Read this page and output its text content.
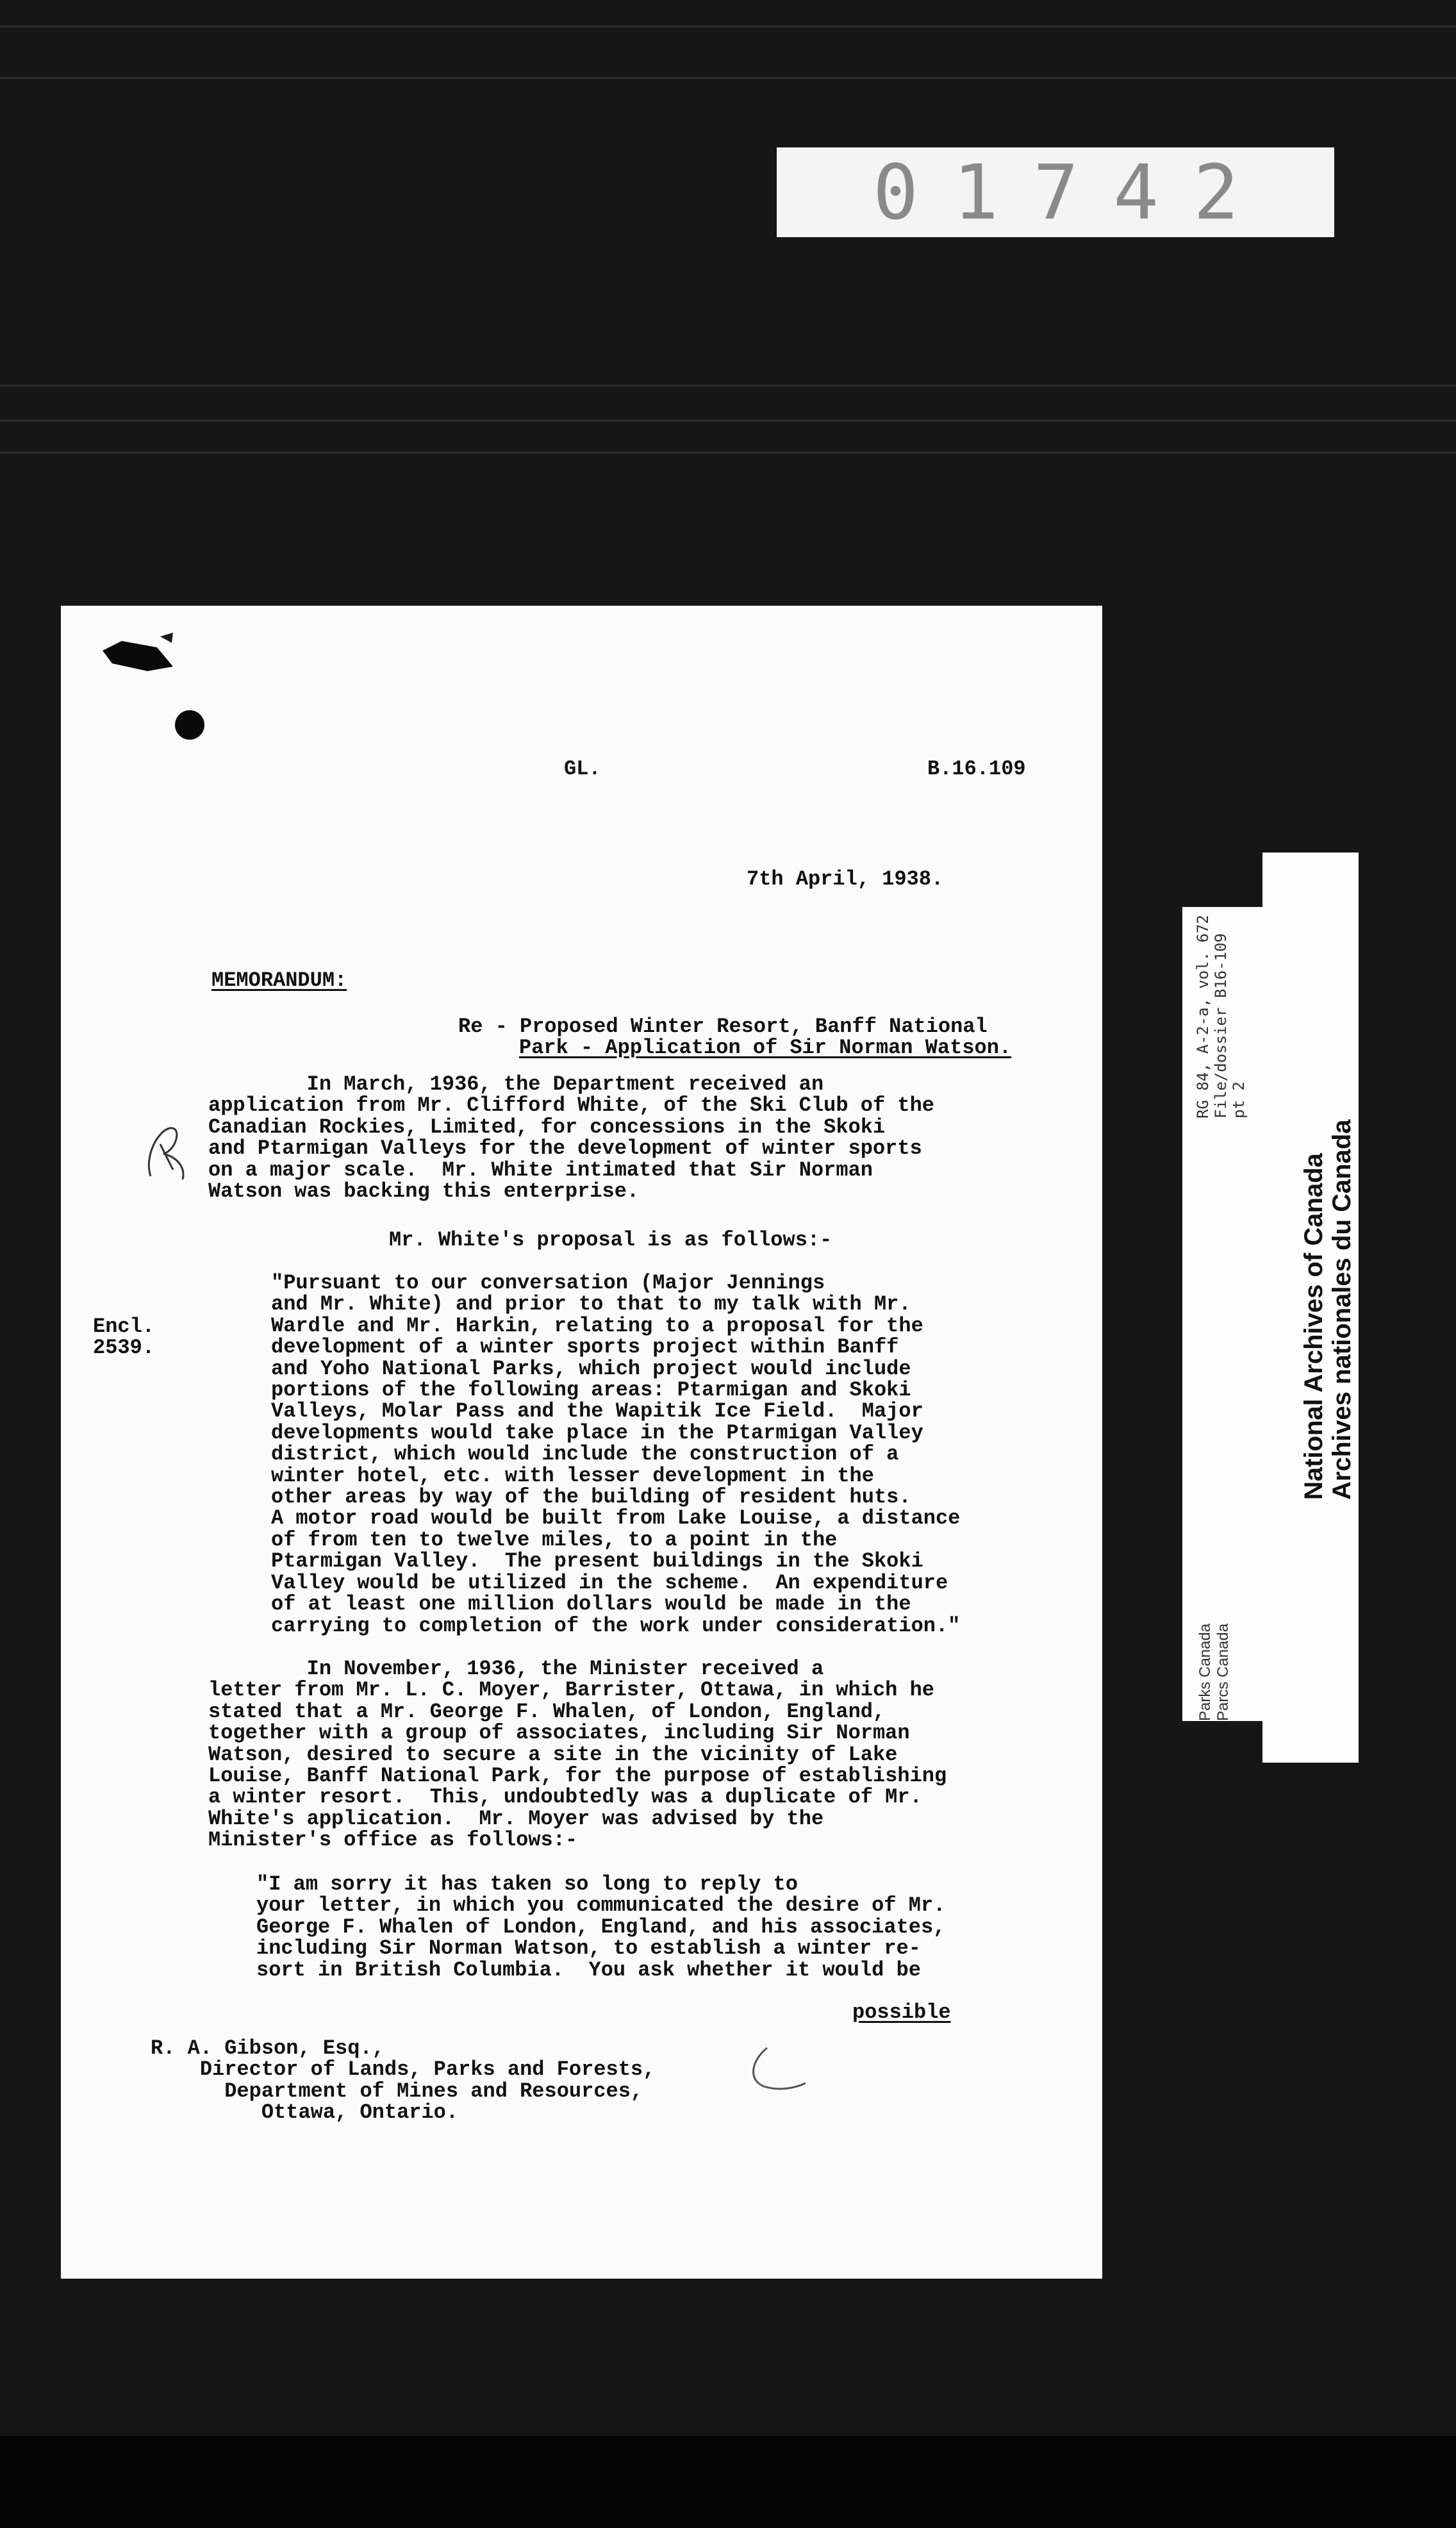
01742
GL.	B.16.109
7th April, 1938.
MEMORANDUM:
Re - Proposed Winter Resort, Banff National
Park - Application of Sir Norman Watson.
In March, 1936, the Department received an
application from Mr. Clifford White, of the Ski Club of the
Canadian Rockies, Limited, for concessions in the Skoki
and Ptarmigan Valleys for the development of winter sports
on a major scale.  Mr. White intimated that Sir Norman
Watson was backing this enterprise.
Mr. White's proposal is as follows:-
Encl.
2539.
"Pursuant to our conversation (Major Jennings
and Mr. White) and prior to that to my talk with Mr.
Wardle and Mr. Harkin, relating to a proposal for the
development of a winter sports project within Banff
and Yoho National Parks, which project would include
portions of the following areas: Ptarmigan and Skoki
Valleys, Molar Pass and the Wapitik Ice Field.  Major
developments would take place in the Ptarmigan Valley
district, which would include the construction of a
winter hotel, etc. with lesser development in the
other areas by way of the building of resident huts.
A motor road would be built from Lake Louise, a distance
of from ten to twelve miles, to a point in the
Ptarmigan Valley.  The present buildings in the Skoki
Valley would be utilized in the scheme.  An expenditure
of at least one million dollars would be made in the
carrying to completion of the work under consideration."
In November, 1936, the Minister received a
letter from Mr. L. C. Moyer, Barrister, Ottawa, in which he
stated that a Mr. George F. Whalen, of London, England,
together with a group of associates, including Sir Norman
Watson, desired to secure a site in the vicinity of Lake
Louise, Banff National Park, for the purpose of establishing
a winter resort.  This, undoubtedly was a duplicate of Mr.
White's application.  Mr. Moyer was advised by the
Minister's office as follows:-
"I am sorry it has taken so long to reply to
your letter, in which you communicated the desire of Mr.
George F. Whalen of London, England, and his associates,
including Sir Norman Watson, to establish a winter re-
sort in British Columbia.  You ask whether it would be
possible
R. A. Gibson, Esq.,
Director of Lands, Parks and Forests,
Department of Mines and Resources,
Ottawa, Ontario.
Parks Canada Parcs Canada
RG 84, A-2-a, vol. 672 File/dossier B16-109 pt 2
National Archives of Canada Archives nationales du Canada
